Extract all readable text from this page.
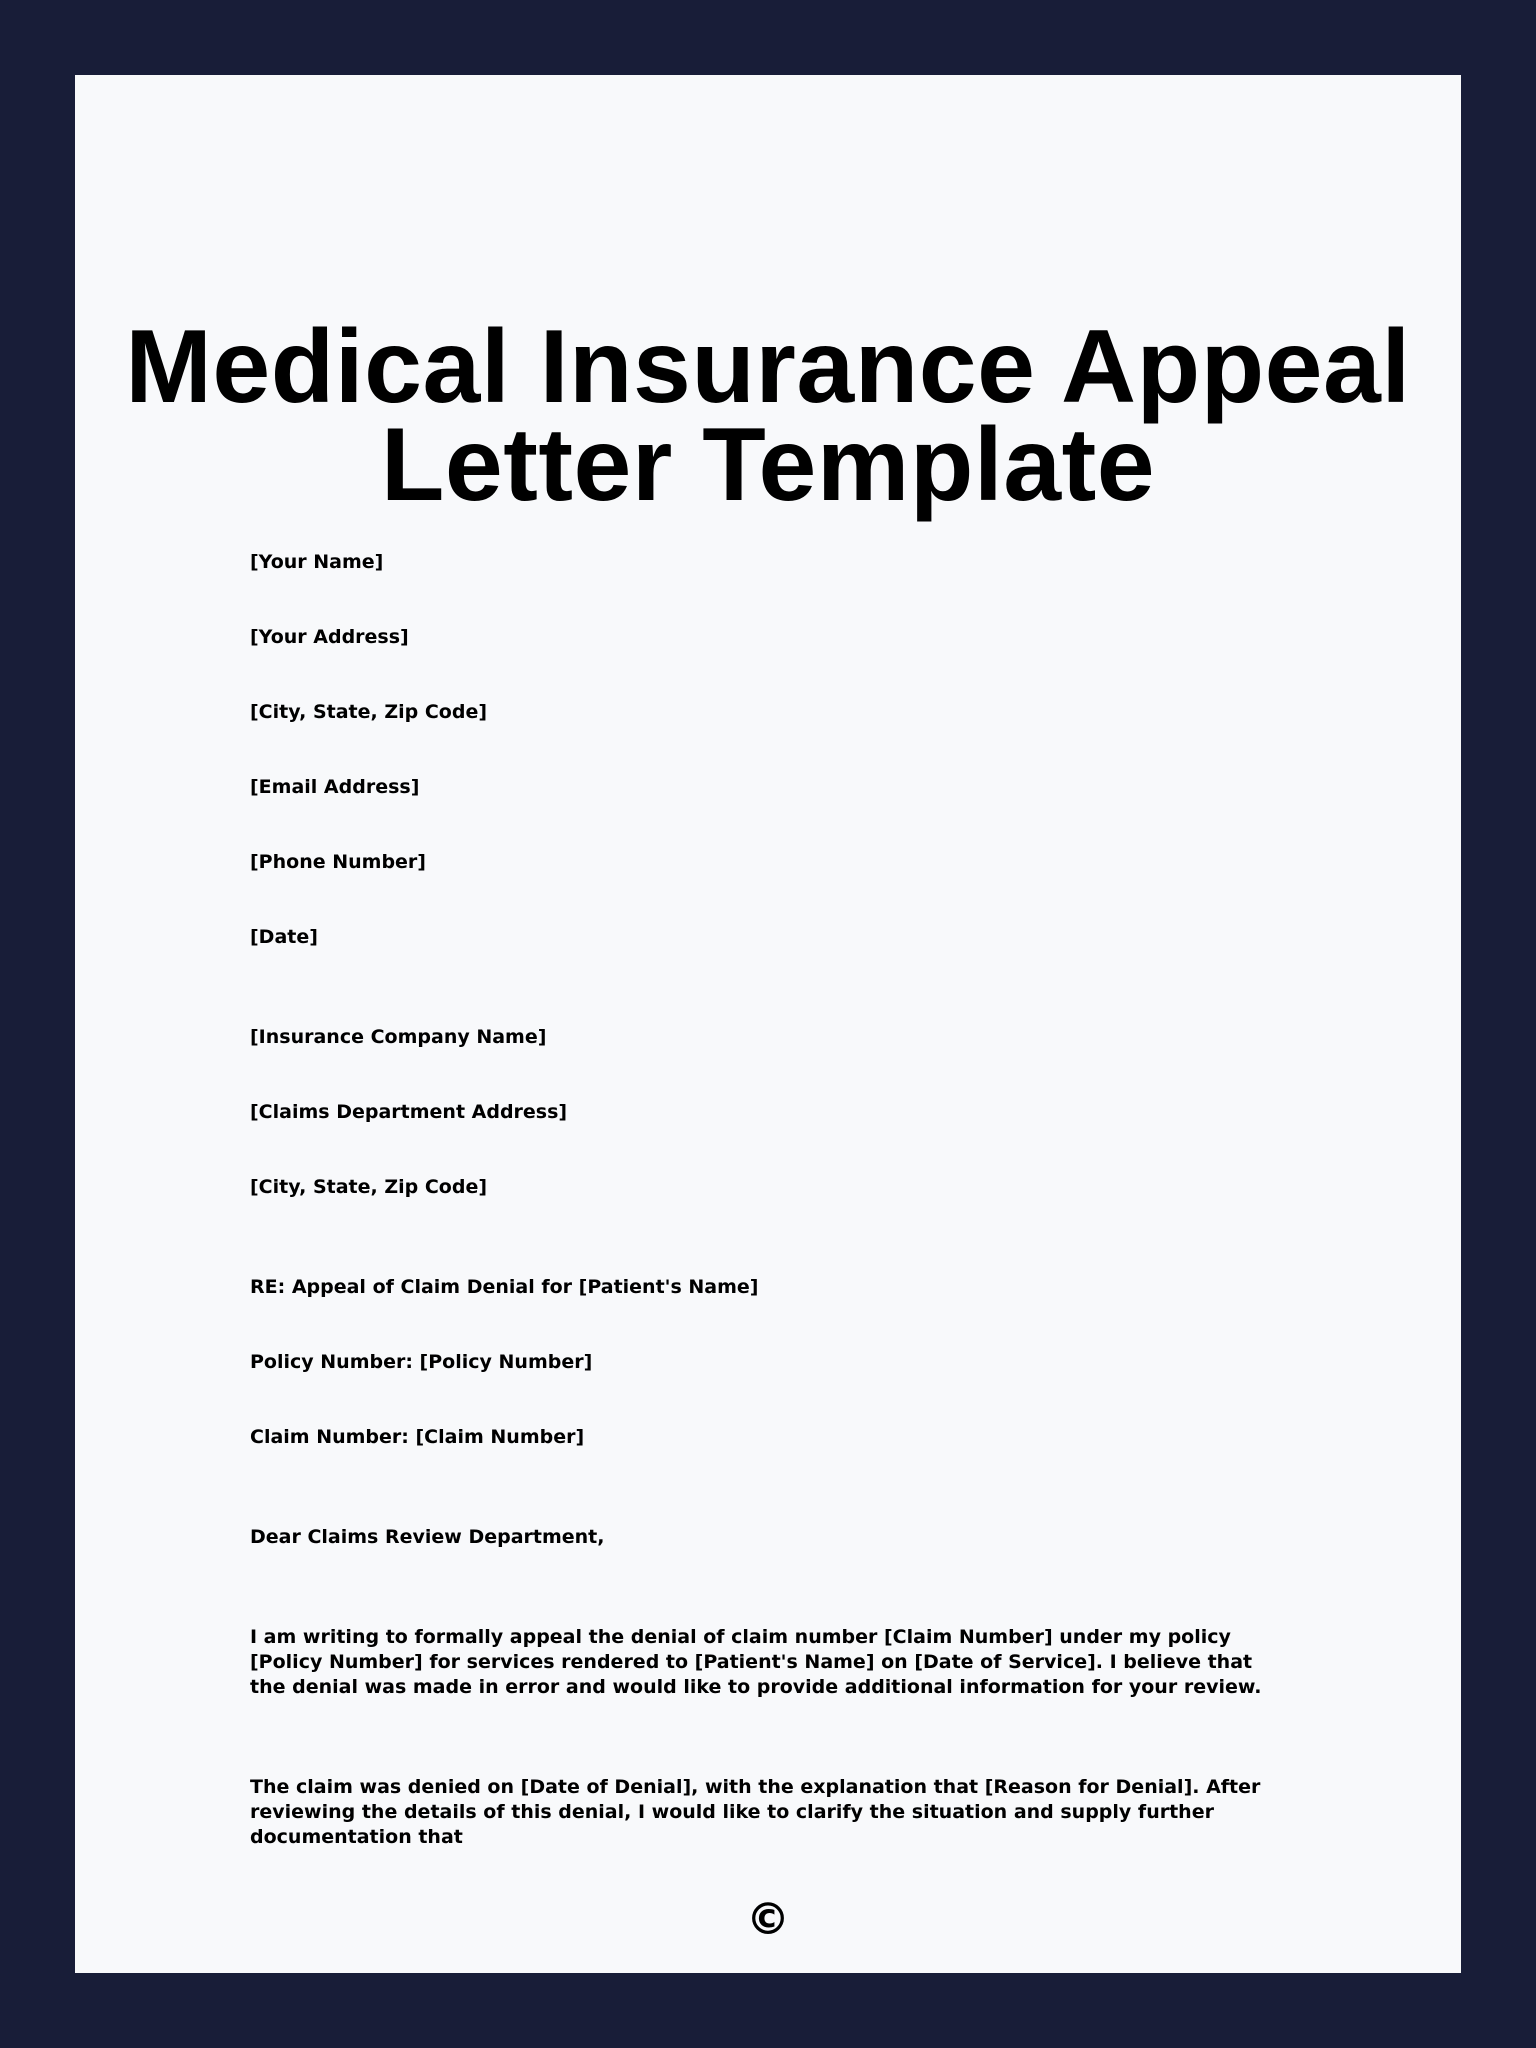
Medical Insurance Appeal Letter Template

[Your Name]

[Your Address]

[City, State, Zip Code]

[Email Address]

[Phone Number]

[Date]

[Insurance Company Name]

[Claims Department Address]

[City, State, Zip Code]

RE: Appeal of Claim Denial for [Patient's Name]

Policy Number: [Policy Number]

Claim Number: [Claim Number]

Dear Claims Review Department,

I am writing to formally appeal the denial of claim number [Claim Number] under my policy [Policy Number] for services rendered to [Patient's Name] on [Date of Service]. I believe that the denial was made in error and would like to provide additional information for your review.

The claim was denied on [Date of Denial], with the explanation that [Reason for Denial]. After reviewing the details of this denial, I would like to clarify the situation and supply further documentation that

©
